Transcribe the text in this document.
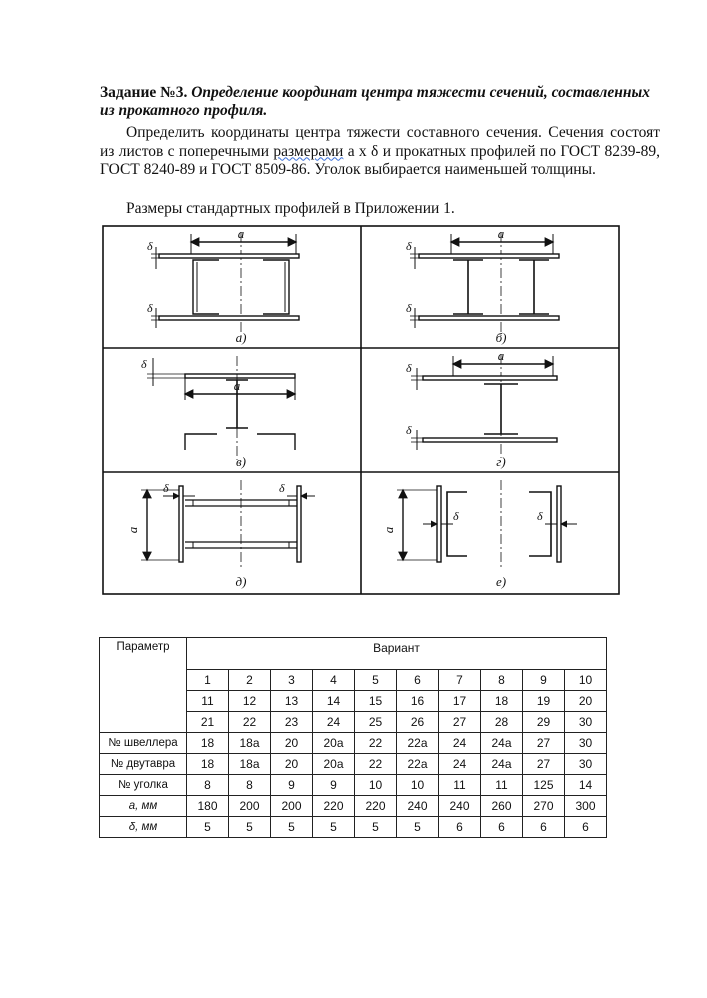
Задание №3. Определение координат центра тяжести сечений, составленных из прокатного профиля.
Определить координаты центра тяжести составного сечения. Сечения состоят из листов с поперечными размерами а х δ и прокатных профилей по ГОСТ 8239-89, ГОСТ 8240-89 и ГОСТ 8509-86. Уголок выбирается наименьшей толщины.
Размеры стандартных профилей в Приложении 1.
a
δ
δ
а)
a
δ
δ
б)
a
δ
в)
a
δ
δ
г)
a
δ	δ
д)
a
δ	δ
е)
Параметр	Вариант									
	1	2	3	4	5	6	7	8	9	10
	11	12	13	14	15	16	17	18	19	20
	21	22	23	24	25	26	27	28	29	30
№ швеллера	18	18а	20	20а	22	22а	24	24а	27	30
№ двутавра	18	18а	20	20а	22	22а	24	24а	27	30
№ уголка	8	8	9	9	10	10	11	11	125	14
а, мм	180	200	200	220	220	240	240	260	270	300
δ, мм	5	5	5	5	5	5	6	6	6	6
